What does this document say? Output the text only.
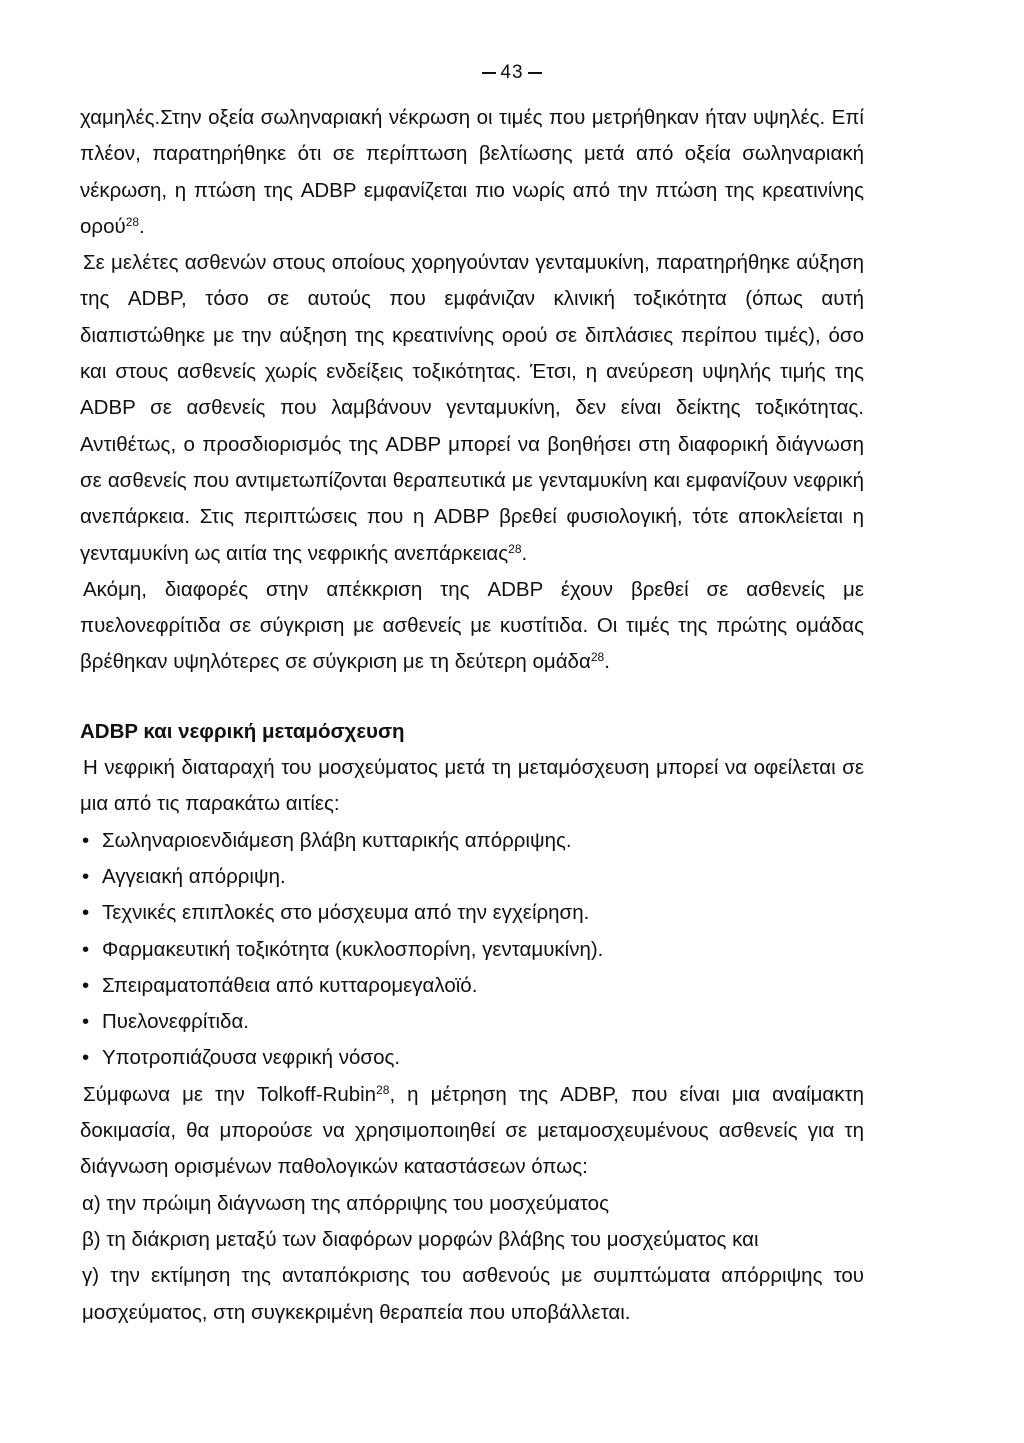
43

χαμηλές.Στην οξεία σωληναριακή νέκρωση οι τιμές που μετρήθηκαν ήταν υψηλές. Επί πλέον, παρατηρήθηκε ότι σε περίπτωση βελτίωσης μετά από οξεία σωληναριακή νέκρωση, η πτώση της ADBP εμφανίζεται πιο νωρίς από την πτώση της κρεατινίνης ορού$^{28}$.

Σε μελέτες ασθενών στους οποίους χορηγούνταν γενταμυκίνη, παρατηρήθηκε αύξηση της ADBP, τόσο σε αυτούς που εμφάνιζαν κλινική τοξικότητα (όπως αυτή διαπιστώθηκε με την αύξηση της κρεατινίνης ορού σε διπλάσιες περίπου τιμές), όσο και στους ασθενείς χωρίς ενδείξεις τοξικότητας. Έτσι, η ανεύρεση υψηλής τιμής της ADBP σε ασθενείς που λαμβάνουν γενταμυκίνη, δεν είναι δείκτης τοξικότητας. Αντιθέτως, ο προσδιορισμός της ADBP μπορεί να βοηθήσει στη διαφορική διάγνωση σε ασθενείς που αντιμετωπίζονται θεραπευτικά με γενταμυκίνη και εμφανίζουν νεφρική ανεπάρκεια. Στις περιπτώσεις που η ADBP βρεθεί φυσιολογική, τότε αποκλείεται η γενταμυκίνη ως αιτία της νεφρικής ανεπάρκειας$^{28}$.

Ακόμη, διαφορές στην απέκκριση της ADBP έχουν βρεθεί σε ασθενείς με πυελονεφρίτιδα σε σύγκριση με ασθενείς με κυστίτιδα. Οι τιμές της πρώτης ομάδας βρέθηκαν υψηλότερες σε σύγκριση με τη δεύτερη ομάδα$^{28}$.

ADBP και νεφρική μεταμόσχευση

Η νεφρική διαταραχή του μοσχεύματος μετά τη μεταμόσχευση μπορεί να οφείλεται σε μια από τις παρακάτω αιτίες:

• Σωληναριοενδιάμεση βλάβη κυτταρικής απόρριψης.
• Αγγειακή απόρριψη.
• Τεχνικές επιπλοκές στο μόσχευμα από την εγχείρηση.
• Φαρμακευτική τοξικότητα (κυκλοσπορίνη, γενταμυκίνη).
• Σπειραματοπάθεια από κυτταρομεγαλοϊό.
• Πυελονεφρίτιδα.
• Υποτροπιάζουσα νεφρική νόσος.

Σύμφωνα με την Tolkoff-Rubin$^{28}$, η μέτρηση της ADBP, που είναι μια αναίμακτη δοκιμασία, θα μπορούσε να χρησιμοποιηθεί σε μεταμοσχευμένους ασθενείς για τη διάγνωση ορισμένων παθολογικών καταστάσεων όπως:

α) την πρώιμη διάγνωση της απόρριψης του μοσχεύματος

β) τη διάκριση μεταξύ των διαφόρων μορφών βλάβης του μοσχεύματος και

γ) την εκτίμηση της ανταπόκρισης του ασθενούς με συμπτώματα απόρριψης του μοσχεύματος, στη συγκεκριμένη θεραπεία που υποβάλλεται.
